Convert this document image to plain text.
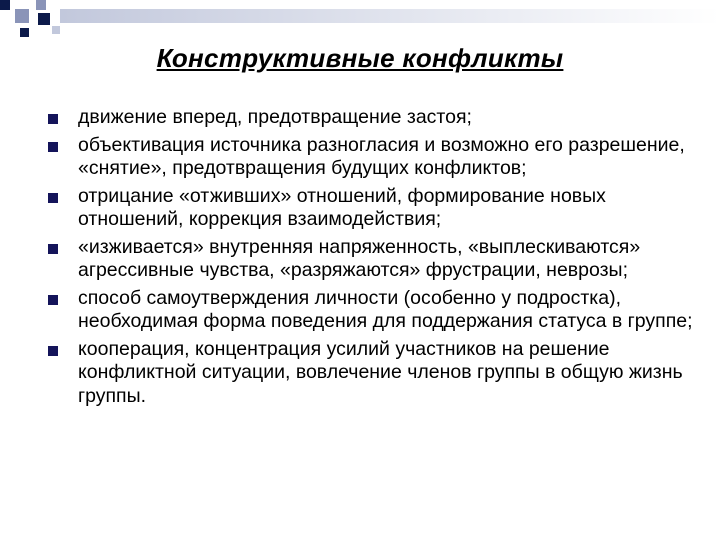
Конструктивные конфликты
движение вперед, предотвращение застоя;
объективация источника разногласия и возможно его разрешение, «снятие», предотвращения будущих конфликтов;
отрицание «отживших» отношений, формирование новых отношений, коррекция взаимодействия;
«изживается» внутренняя напряженность, «выплескиваются» агрессивные чувства, «разряжаются» фрустрации, неврозы;
способ самоутверждения личности (особенно у подростка), необходимая форма поведения для поддержания статуса в группе;
кооперация, концентрация усилий участников на решение конфликтной ситуации, вовлечение членов группы в общую жизнь группы.
